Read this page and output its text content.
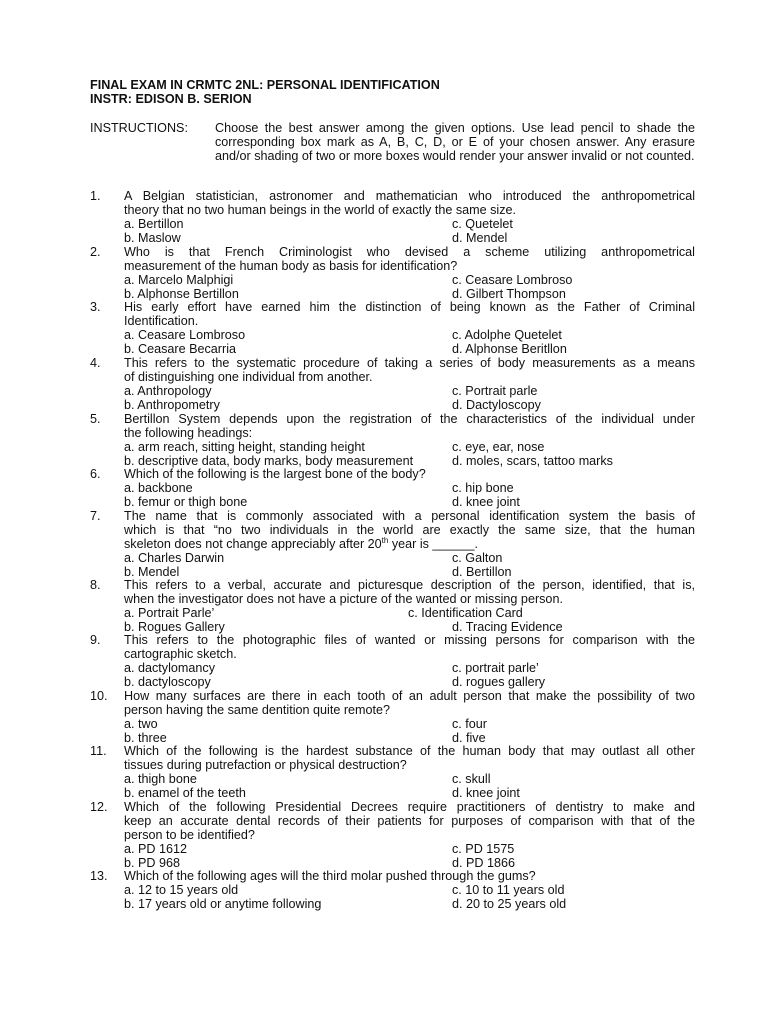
FINAL EXAM IN CRMTC 2NL: PERSONAL IDENTIFICATION
INSTR: EDISON B. SERION
INSTRUCTIONS: Choose the best answer among the given options. Use lead pencil to shade the corresponding box mark as A, B, C, D, or E of your chosen answer. Any erasure and/or shading of two or more boxes would render your answer invalid or not counted.
1.	A Belgian statistician, astronomer and mathematician who introduced the anthropometrical
theory that no two human beings in the world of exactly the same size.
a. Bertillon	c. Quetelet
b. Maslow	d. Mendel
2.	Who is that French Criminologist who devised a scheme utilizing anthropometrical
measurement of the human body as basis for identification?
a. Marcelo Malphigi	c. Ceasare Lombroso
b. Alphonse Bertillon	d. Gilbert Thompson
3.	His early effort have earned him the distinction of being known as the Father of Criminal
Identification.
a. Ceasare Lombroso	c. Adolphe Quetelet
b. Ceasare Becarria	d. Alphonse Beritllon
4.	This refers to the systematic procedure of taking a series of body measurements as a means
of distinguishing one individual from another.
a. Anthropology	c. Portrait parle
b. Anthropometry	d. Dactyloscopy
5.	Bertillon System depends upon the registration of the characteristics of the individual under
the following headings:
a. arm reach, sitting height, standing height	c. eye, ear, nose
b. descriptive data, body marks, body measurement	d. moles, scars, tattoo marks
6.	Which of the following is the largest bone of the body?
a. backbone	c. hip bone
b. femur or thigh bone	d. knee joint
7.	The name that is commonly associated with a personal identification system the basis of
which is that “no two individuals in the world are exactly the same size, that the human
skeleton does not change appreciably after 20th year is ______.
a. Charles Darwin	c. Galton
b. Mendel	d. Bertillon
8.	This refers to a verbal, accurate and picturesque description of the person, identified, that is,
when the investigator does not have a picture of the wanted or missing person.
a. Portrait Parle’	c. Identification Card
b. Rogues Gallery	d. Tracing Evidence
9.	This refers to the photographic files of wanted or missing persons for comparison with the
cartographic sketch.
a. dactylomancy	c. portrait parle’
b. dactyloscopy	d. rogues gallery
10.	How many surfaces are there in each tooth of an adult person that make the possibility of two
person having the same dentition quite remote?
a. two	c. four
b. three	d. five
11.	Which of the following is the hardest substance of the human body that may outlast all other
tissues during putrefaction or physical destruction?
a. thigh bone	c. skull
b. enamel of the teeth	d. knee joint
12.	Which of the following Presidential Decrees require practitioners of dentistry to make and
keep an accurate dental records of their patients for purposes of comparison with that of the
person to be identified?
a. PD 1612	c. PD 1575
b. PD 968	d. PD 1866
13.	Which of the following ages will the third molar pushed through the gums?
a. 12 to 15 years old	c. 10 to 11 years old
b. 17 years old or anytime following	d. 20 to 25 years old
